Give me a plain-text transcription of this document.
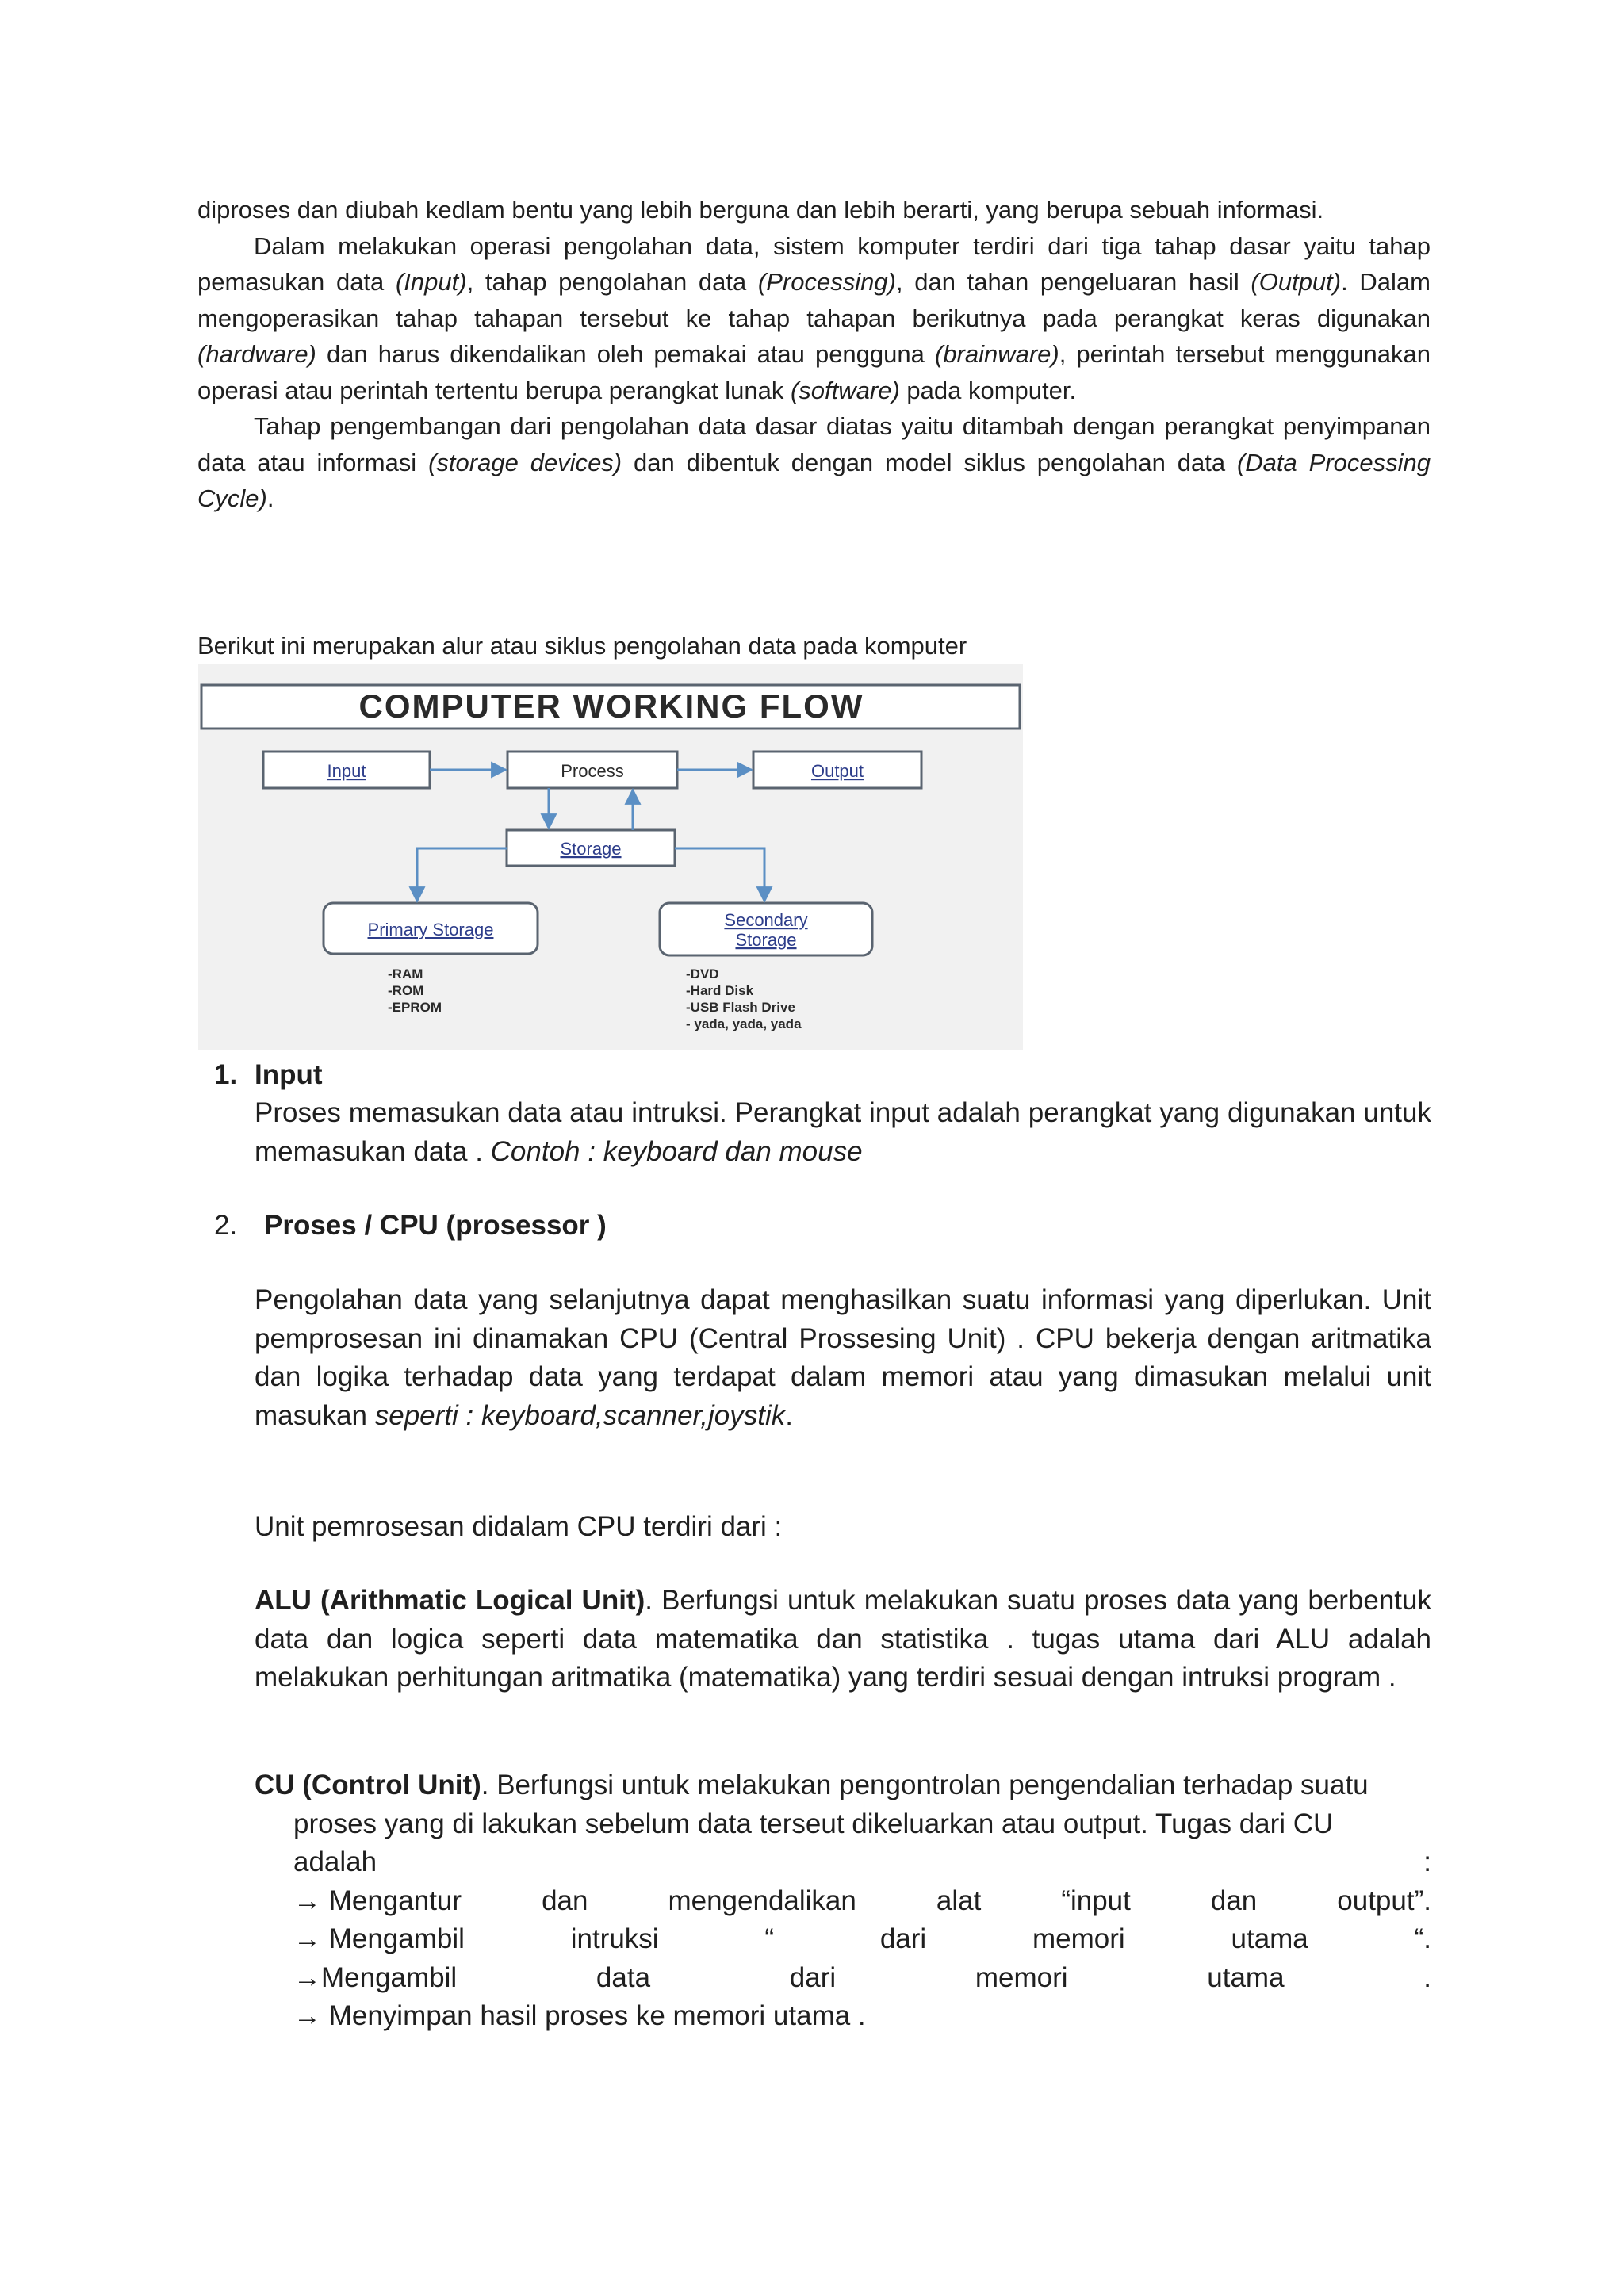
diproses dan diubah kedlam bentu yang lebih berguna dan lebih berarti, yang berupa sebuah informasi.

Dalam melakukan operasi pengolahan data, sistem komputer terdiri dari tiga tahap dasar yaitu tahap pemasukan data (Input), tahap pengolahan data (Processing), dan tahan pengeluaran hasil (Output). Dalam mengoperasikan tahap tahapan tersebut ke tahap tahapan berikutnya pada perangkat keras digunakan (hardware) dan harus dikendalikan oleh pemakai atau pengguna (brainware), perintah tersebut menggunakan operasi atau perintah tertentu berupa perangkat lunak (software) pada komputer.

Tahap pengembangan dari pengolahan data dasar diatas yaitu ditambah dengan perangkat penyimpanan data atau informasi (storage devices) dan dibentuk dengan model siklus pengolahan data (Data Processing Cycle).

Berikut ini merupakan alur atau siklus pengolahan data pada komputer
COMPUTER WORKING FLOW
Input	Process	Output
Storage
Primary Storage	Secondary
Storage
-RAM
-ROM
-EPROM
-DVD
-Hard Disk
-USB Flash Drive
- yada, yada, yada
1. Input

Proses memasukan data atau intruksi. Perangkat input adalah perangkat yang digunakan untuk memasukan data . Contoh : keyboard dan mouse

2. Proses / CPU (prosessor )

Pengolahan data yang selanjutnya dapat menghasilkan suatu informasi yang diperlukan. Unit pemprosesan ini dinamakan CPU (Central Prossesing Unit) . CPU bekerja dengan aritmatika dan logika terhadap data yang terdapat dalam memori atau yang dimasukan melalui unit masukan seperti : keyboard,scanner,joystik.

Unit pemrosesan didalam CPU terdiri dari :

ALU (Arithmatic Logical Unit). Berfungsi untuk melakukan suatu proses data yang berbentuk data dan logica seperti data matematika dan statistika . tugas utama dari ALU adalah melakukan perhitungan aritmatika (matematika) yang terdiri sesuai dengan intruksi program .

CU (Control Unit). Berfungsi untuk melakukan pengontrolan pengendalian terhadap suatu
proses yang di lakukan sebelum data terseut dikeluarkan atau output. Tugas dari CU
adalah	:
→ Mengantur	dan	mengendalikan	alat	“input	dan	output”.
→ Mengambil	intruksi	“	dari	memori	utama	“.
→Mengambil	data	dari	memori	utama	.
→ Menyimpan hasil proses ke memori utama .
